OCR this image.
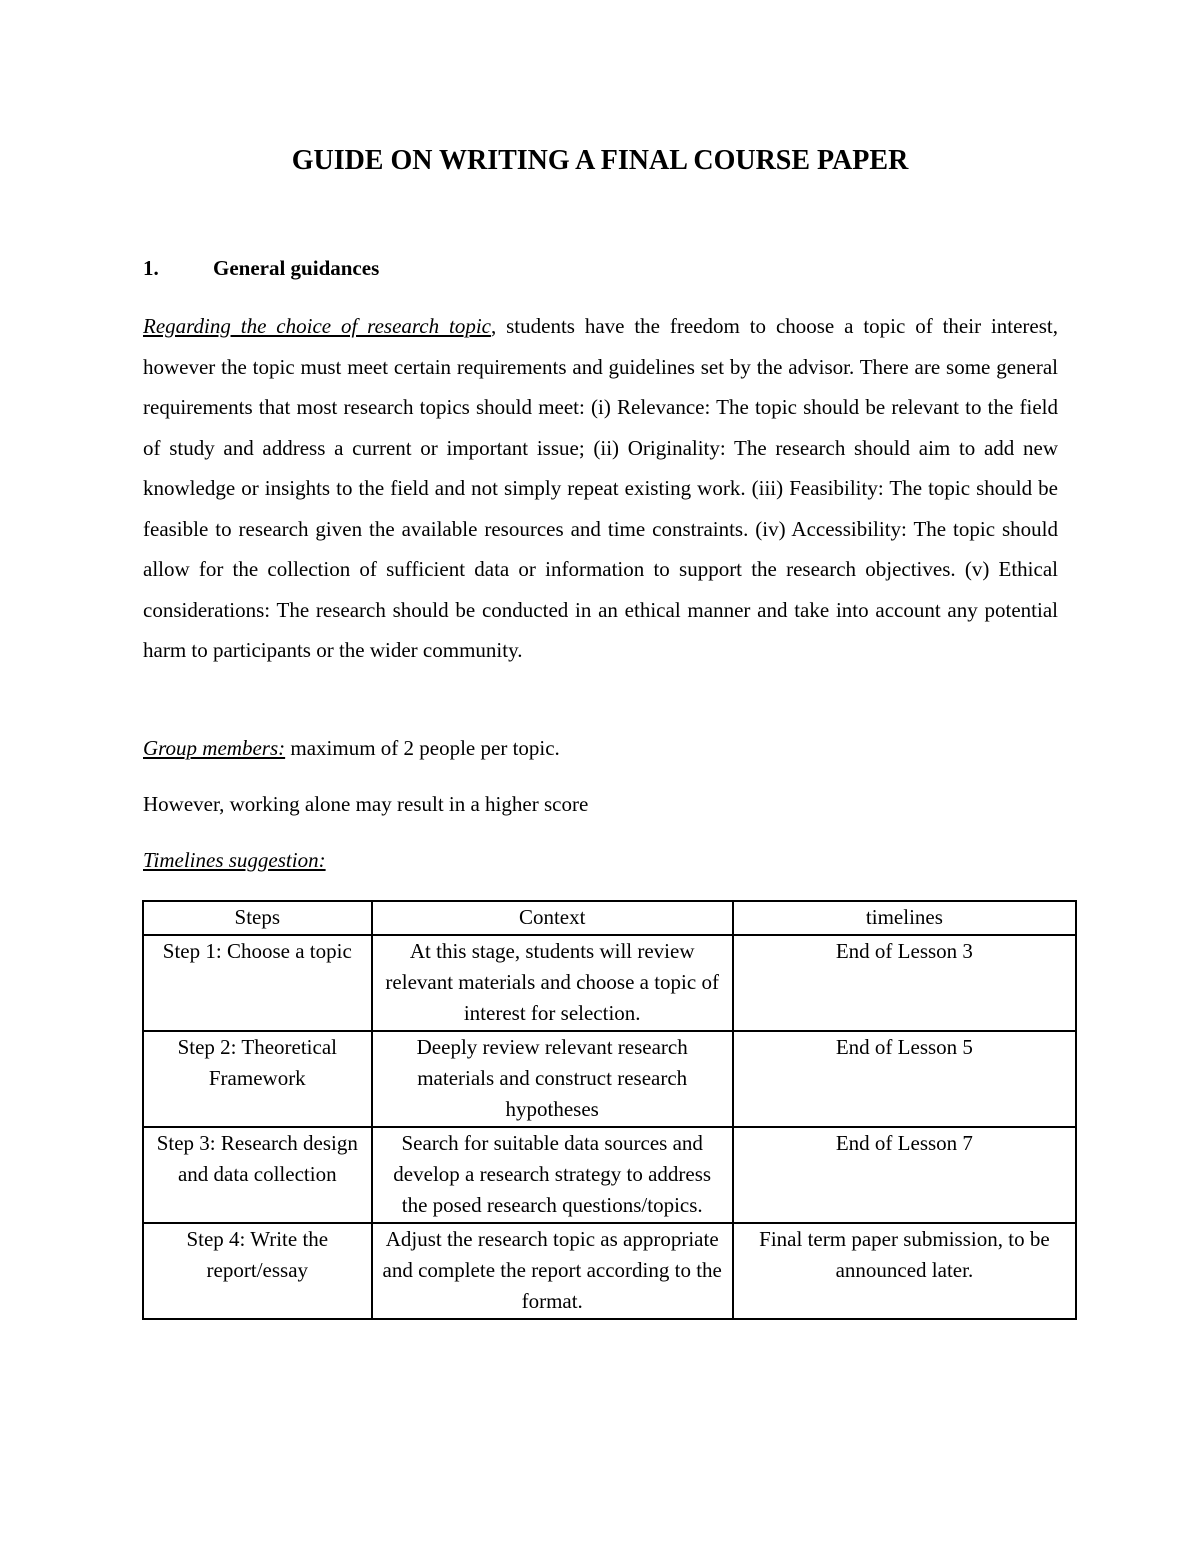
GUIDE ON WRITING A FINAL COURSE PAPER
1.	General guidances

Regarding the choice of research topic, students have the freedom to choose a topic of their interest, however the topic must meet certain requirements and guidelines set by the advisor. There are some general requirements that most research topics should meet: (i) Relevance: The topic should be relevant to the field of study and address a current or important issue; (ii) Originality: The research should aim to add new knowledge or insights to the field and not simply repeat existing work. (iii) Feasibility: The topic should be feasible to research given the available resources and time constraints. (iv) Accessibility: The topic should allow for the collection of sufficient data or information to support the research objectives. (v) Ethical considerations: The research should be conducted in an ethical manner and take into account any potential harm to participants or the wider community.

Group members: maximum of 2 people per topic.

However, working alone may result in a higher score

Timelines suggestion:

Steps	Context	timelines
Step 1: Choose a topic	At this stage, students will review relevant materials and choose a topic of interest for selection.	End of Lesson 3
Step 2: Theoretical Framework	Deeply review relevant research materials and construct research hypotheses	End of Lesson 5
Step 3: Research design and data collection	Search for suitable data sources and develop a research strategy to address the posed research questions/topics.	End of Lesson 7
Step 4: Write the report/essay	Adjust the research topic as appropriate and complete the report according to the format.	Final term paper submission, to be announced later.
